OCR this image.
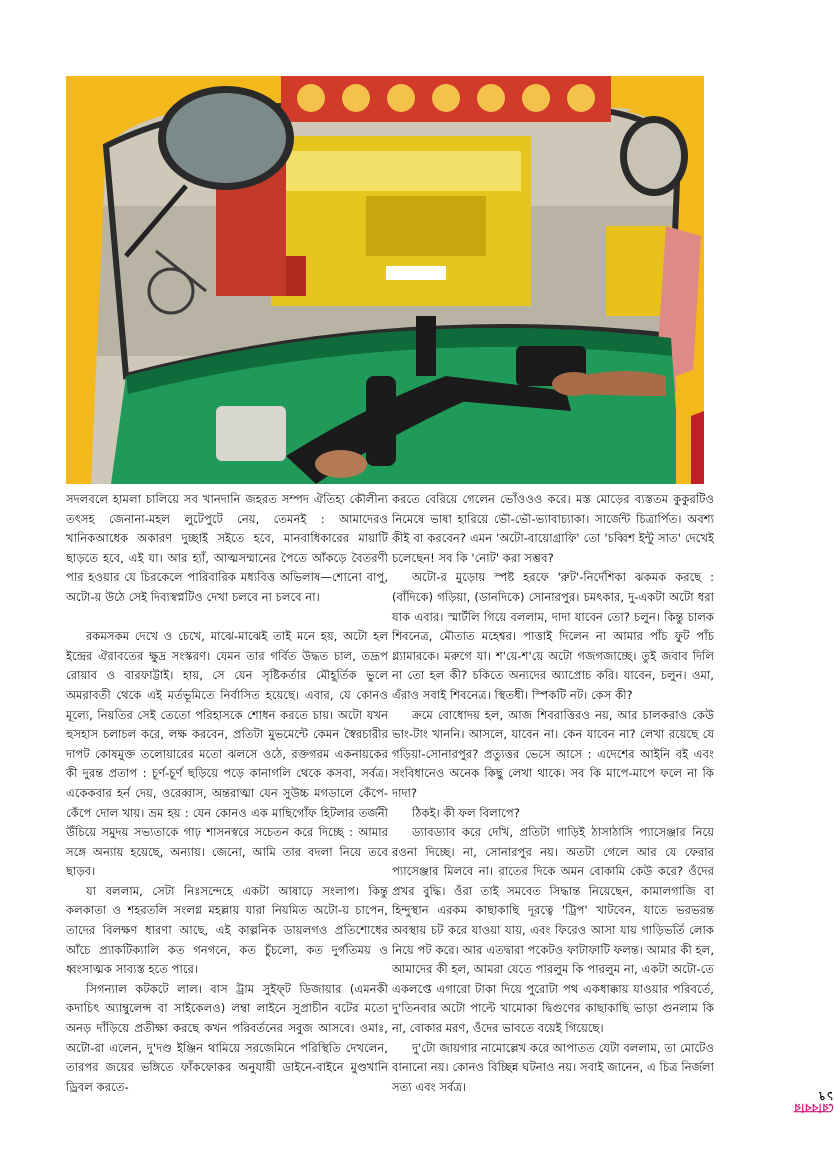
সদলবলে হামলা চালিয়ে সব খানদানি জহরত সম্পদ ঐতিহ্য কৌলীন্য তৎসহ জেনানা-মহল লুটেপুটে নেয়, তেমনই : আমাদেরও খানিকআধেক অকারণ দুচ্ছাই সইতে হবে, মানবাধিকারের মায়াটি ছাড়তে হবে, এই যা। আর হ্যাঁ, আত্মসম্মানের পৈতে আঁকড়ে বৈতরণী পার হওয়ার যে চিরকেলে পারিবারিক মধ্যবিত্ত অভিলাষ—শোনো বাপু, অটো-য় উঠে সেই দিব্যস্বপ্নটিও দেখা চলবে না চলবে না।

রকমসকম দেখে ও চেখে, মাঝে-মাঝেই তাই মনে হয়, অটো হল ইন্দ্রের ঐরাবতের ক্ষুদ্র সংস্করণ। যেমন তার গর্বিত উদ্ধত চাল, তদ্রূপ রোয়াব ও বারফাট্টাই। হায়, সে যেন সৃষ্টিকর্তার মৌহূর্তিক ভুলে অমরাবতী থেকে এই মর্তভূমিতে নির্বাসিত হয়েছে। এবার, যে কোনও মূল্যে, নিয়তির সেই তেতো পরিহাসকে শোধন করতে চায়। অটো যখন হুসহাস চলাচল করে, লক্ষ করবেন, প্রতিটা মুভমেন্টে কেমন স্বৈরচারীর দাপট কোষমুক্ত তলোয়ারের মতো ঝলসে ওঠে, রক্তগরম একনায়কের কী দুরন্ত প্রতাপ : চূর্ণ-চূর্ণ ছড়িয়ে পড়ে কানাগলি থেকে কসবা, সর্বত্র। একেকবার হর্ন দেয়, ওরেব্বাস, অন্তরাত্মা যেন সুউচ্চ মগডালে কেঁপে-কেঁপে দোল খায়। ভ্রম হয় : যেন কোনও এক মাছিগোঁফ হিটলার তর্জনী উঁচিয়ে সমুদয় সভ্যতাকে গাঢ় শাসনস্বরে সচেতন করে দিচ্ছে : আমার সঙ্গে অন্যায় হয়েছে, অন্যায়। জেনো, আমি তার বদলা নিয়ে তবে ছাড়ব।

যা বললাম, সেটা নিঃসন্দেহে একটা আষাঢ়ে সংলাপ। কিন্তু কলকাতা ও শহরতলি সংলগ্ন মহল্লায় যারা নিয়মিত অটো-য় চাপেন, তাদের বিলক্ষণ ধারণা আছে, এই কাল্পনিক ডায়লগও প্রতিশোধের আঁচে প্র্যাকটিক্যালি কত গনগনে, কত চুঁচলো, কত দুর্গতিময় ও ধ্বংসাত্মক সাব্যস্ত হতে পারে।

সিগন্যাল কটকটে লাল। বাস ট্রাম সুইফ্‌ট ডিজায়ার (এমনকী কদাচিৎ অ্যাম্বুলেন্স বা সাইকেলও) লম্বা লাইনে সুপ্রাচীন বটের মতো অনড় দাঁড়িয়ে প্রতীক্ষা করছে কখন পরিবর্তনের সবুজ আসবে। ওমাঃ, অটো-রা এলেন, দু'দণ্ড ইঞ্জিন থামিয়ে সরজেমিনে পরিস্থিতি দেখলেন, তারপর জয়ের ভঙ্গিতে ফাঁকফোকর অনুযায়ী ডাইনে-বাইনে মুণ্ডখানি ড্রিবল করতে-

করতে বেরিয়ে গেলেন ভোঁওওও করে। মস্ত মোড়ের ব্যস্ততম কুকুরটিও নিমেষে ভাষা হারিয়ে ভৌ-ভৌ-ভ্যাবাচ্যাকা। সার্জেন্ট চিত্রার্পিত। অবশ্য কীই বা করবেন? এমন 'অটো-বায়োগ্রাফি' তো 'চব্বিশ ইন্টু সাত' দেখেই চলেছেন! সব কি 'নোট' করা সম্ভব?

অটো-র মুড়োয় স্পষ্ট হরফে 'রুট'-নির্দেশিকা ঝকমক করছে : (বাঁদিকে) গড়িয়া, (ডানদিকে) সোনারপুর। চমৎকার, দু-একটা অটো ধরা যাক এবার। স্মার্টলি গিয়ে বললাম, দাদা যাবেন তো? চলুন। কিন্তু চালক শিবনেত্র, মৌতাত মহেশ্বর। পাত্তাই দিলেন না আমার পাঁচ ফুট পাঁচ গ্ল্যামারকে। মরুগে যা। শ'য়ে-শ'য়ে অটো গজগজাচ্ছে। তুই জবাব দিলি না তো হল কী? চকিতে অন্যদের অ্যাপ্রোচ করি। যাবেন, চলুন। ওমা, এঁরাও সবাই শিবনেত্র। স্থিতধী। স্পিকটি নট। কেস কী?

ক্রমে বোধোদয় হল, আজ শিবরাত্তিরও নয়, আর চালকরাও কেউ ভাং-টাং খাননি। আসলে, যাবেন না। কেন যাবেন না? লেখা রয়েছে যে গড়িয়া-সোনারপুর? প্রত্যুত্তর ভেসে আসে : এদেশের আইনি বই এবং সংবিধানেও অনেক কিছু লেখা থাকে। সব কি মাপে-মাপে ফলে না কি দাদা?

ঠিকই। কী ফল বিলাপে?

ড্যাবড্যাব করে দেখি, প্রতিটা গাড়িই ঠাসাঠাসি প্যাসেঞ্জার নিয়ে রওনা দিচ্ছে। না, সোনারপুর নয়। অতটা গেলে আর যে ফেরার প্যাসেঞ্জার মিলবে না। রাতের দিকে অমন বোকামি কেউ করে? ওঁদের প্রখর বুদ্ধি। ওঁরা তাই সমবেত সিদ্ধান্ত নিয়েছেন, কামালগাজি বা হিন্দুস্থান এরকম কাছাকাছি দূরত্বে 'ট্রিপ' খাটবেন, যাতে ভরভরন্ত অবস্থায় চট করে যাওয়া যায়, এবং ফিরেও আসা যায় গাড়িভর্তি লোক নিয়ে পট করে। আর এতদ্বারা পকেটও ফাটাফাটি ফলন্ত। আমার কী হল, আমাদের কী হল, আমরা যেতে পারলুম কি পারলুম না, একটা অটো-তে একলপ্তে এগারো টাকা দিয়ে পুরোটা পথ একধাক্কায় যাওয়ার পরিবর্তে, দু'তিনবার অটো পাল্টে খামোকা দ্বিগুণের কাছাকাছি ভাড়া গুনলাম কি না, বোকার মরণ, ওঁদের ভাবতে বয়েই গিয়েছে।

দু'টো জায়গার নামোল্লেখ করে আপাতত যেটা বললাম, তা মোটেও বানানো নয়। কোনও বিচ্ছিন্ন ঘটনাও নয়। সবাই জানেন, এ চিত্র নির্জলা সত্য এবং সর্বত্র।

রোববার
১৭
